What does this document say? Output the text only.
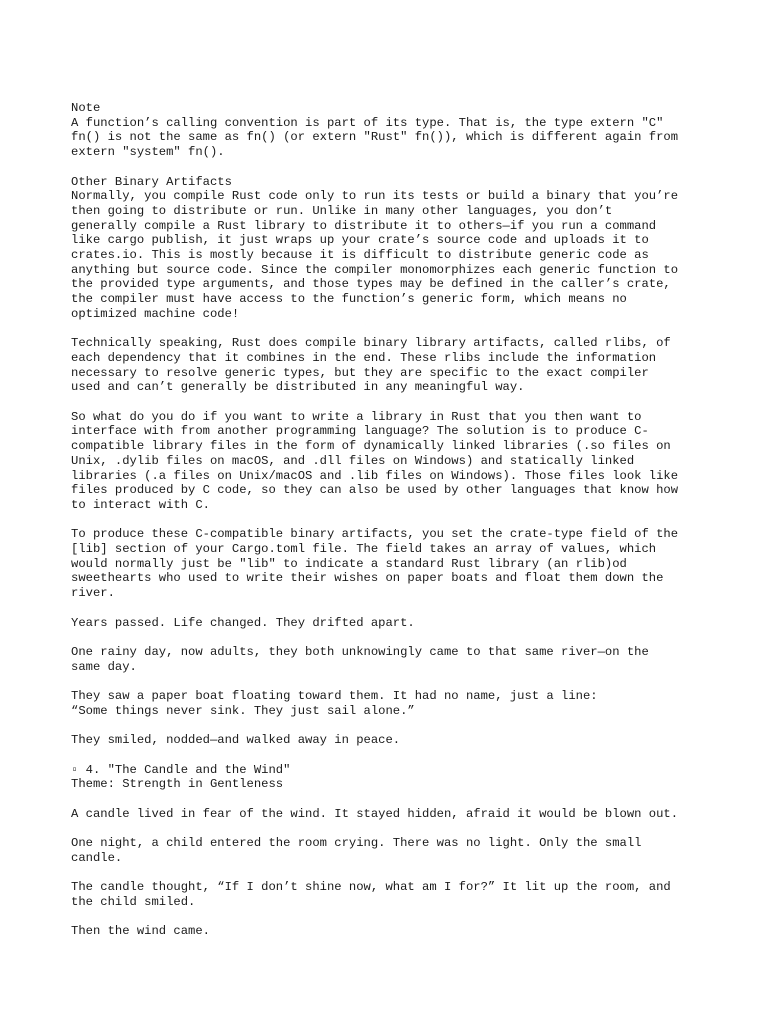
Note
A function’s calling convention is part of its type. That is, the type extern "C"
fn() is not the same as fn() (or extern "Rust" fn()), which is different again from
extern "system" fn().

Other Binary Artifacts
Normally, you compile Rust code only to run its tests or build a binary that you’re
then going to distribute or run. Unlike in many other languages, you don’t
generally compile a Rust library to distribute it to others—if you run a command
like cargo publish, it just wraps up your crate’s source code and uploads it to
crates.io. This is mostly because it is difficult to distribute generic code as
anything but source code. Since the compiler monomorphizes each generic function to
the provided type arguments, and those types may be defined in the caller’s crate,
the compiler must have access to the function’s generic form, which means no
optimized machine code!

Technically speaking, Rust does compile binary library artifacts, called rlibs, of
each dependency that it combines in the end. These rlibs include the information
necessary to resolve generic types, but they are specific to the exact compiler
used and can’t generally be distributed in any meaningful way.

So what do you do if you want to write a library in Rust that you then want to
interface with from another programming language? The solution is to produce C-
compatible library files in the form of dynamically linked libraries (.so files on
Unix, .dylib files on macOS, and .dll files on Windows) and statically linked
libraries (.a files on Unix/macOS and .lib files on Windows). Those files look like
files produced by C code, so they can also be used by other languages that know how
to interact with C.

To produce these C-compatible binary artifacts, you set the crate-type field of the
[lib] section of your Cargo.toml file. The field takes an array of values, which
would normally just be "lib" to indicate a standard Rust library (an rlib)od
sweethearts who used to write their wishes on paper boats and float them down the
river.

Years passed. Life changed. They drifted apart.

One rainy day, now adults, they both unknowingly came to that same river—on the
same day.

They saw a paper boat floating toward them. It had no name, just a line:
“Some things never sink. They just sail alone.”

They smiled, nodded—and walked away in peace.

▫ 4. "The Candle and the Wind"
Theme: Strength in Gentleness

A candle lived in fear of the wind. It stayed hidden, afraid it would be blown out.

One night, a child entered the room crying. There was no light. Only the small
candle.

The candle thought, “If I don’t shine now, what am I for?” It lit up the room, and
the child smiled.

Then the wind came.
